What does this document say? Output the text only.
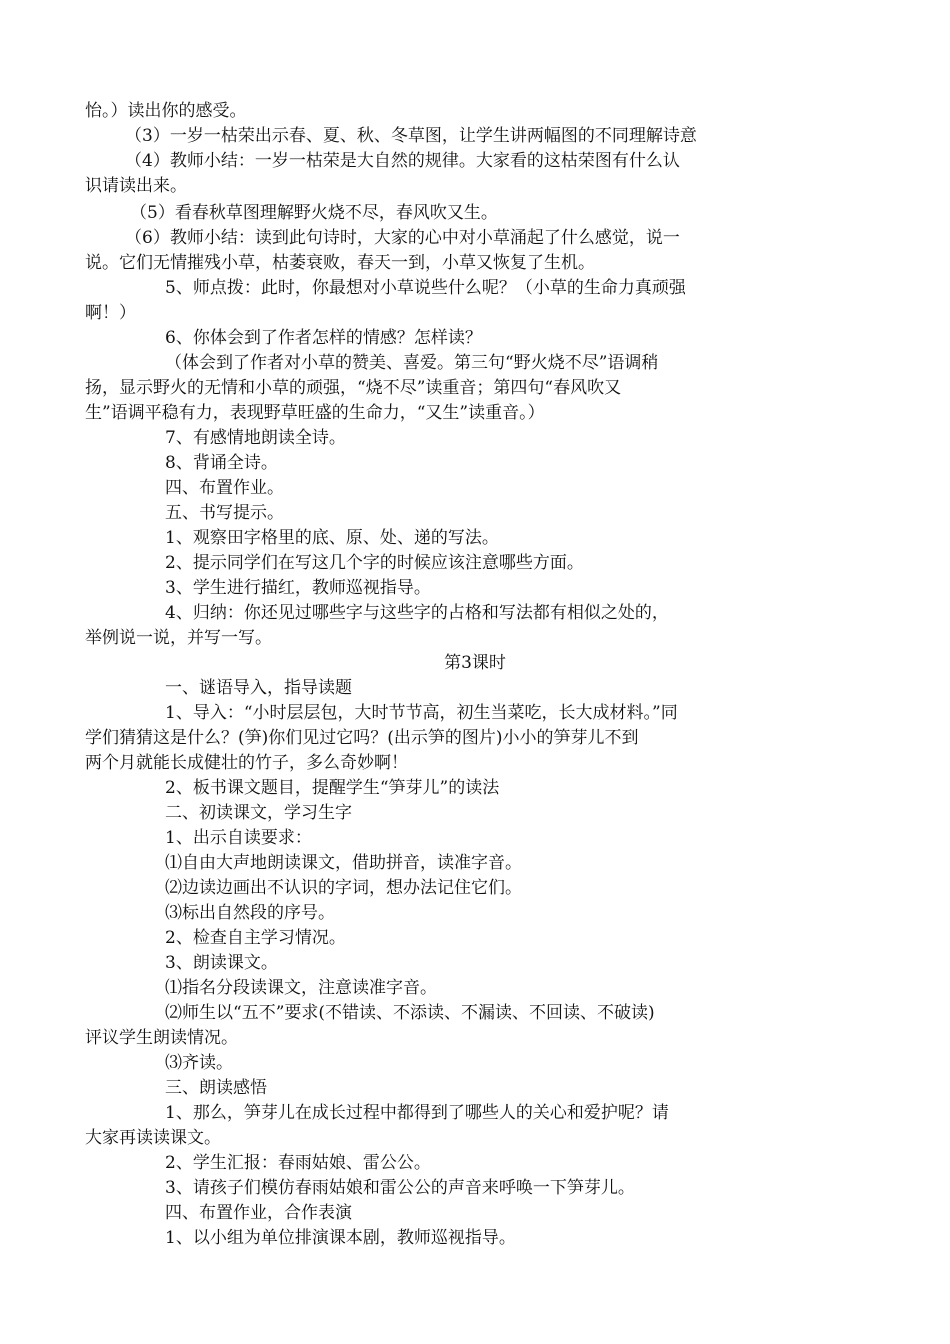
怡。）读出你的感受。
（3）一岁一枯荣出示春、夏、秋、冬草图，让学生讲两幅图的不同理解诗意
（4）教师小结：一岁一枯荣是大自然的规律。大家看的这枯荣图有什么认
识请读出来。
（5）看春秋草图理解野火烧不尽，春风吹又生。
（6）教师小结：读到此句诗时，大家的心中对小草涌起了什么感觉，说一
说。它们无情摧残小草，枯萎衰败，春天一到，小草又恢复了生机。
5、师点拨：此时，你最想对小草说些什么呢？（小草的生命力真顽强
啊！）
6、你体会到了作者怎样的情感？怎样读？
（体会到了作者对小草的赞美、喜爱。第三句“野火烧不尽”语调稍
扬，显示野火的无情和小草的顽强，“烧不尽”读重音；第四句“春风吹又
生”语调平稳有力，表现野草旺盛的生命力，“又生”读重音。）
7、有感情地朗读全诗。
8、背诵全诗。
四、布置作业。
五、书写提示。
1、观察田字格里的底、原、处、递的写法。
2、提示同学们在写这几个字的时候应该注意哪些方面。
3、学生进行描红，教师巡视指导。
4、归纳：你还见过哪些字与这些字的占格和写法都有相似之处的，
举例说一说，并写一写。
第3课时
一、谜语导入，指导读题
1、导入：“小时层层包，大时节节高，初生当菜吃，长大成材料。”同
学们猜猜这是什么？(笋)你们见过它吗？(出示笋的图片)小小的笋芽儿不到
两个月就能长成健壮的竹子，多么奇妙啊！
2、板书课文题目，提醒学生“笋芽儿”的读法
二、初读课文，学习生字
1、出示自读要求：
⑴自由大声地朗读课文，借助拼音，读准字音。
⑵边读边画出不认识的字词，想办法记住它们。
⑶标出自然段的序号。
2、检查自主学习情况。
3、朗读课文。
⑴指名分段读课文，注意读准字音。
⑵师生以“五不”要求(不错读、不添读、不漏读、不回读、不破读)
评议学生朗读情况。
⑶齐读。
三、朗读感悟
1、那么，笋芽儿在成长过程中都得到了哪些人的关心和爱护呢？请
大家再读读课文。
2、学生汇报：春雨姑娘、雷公公。
3、请孩子们模仿春雨姑娘和雷公公的声音来呼唤一下笋芽儿。
四、布置作业，合作表演
1、以小组为单位排演课本剧，教师巡视指导。
